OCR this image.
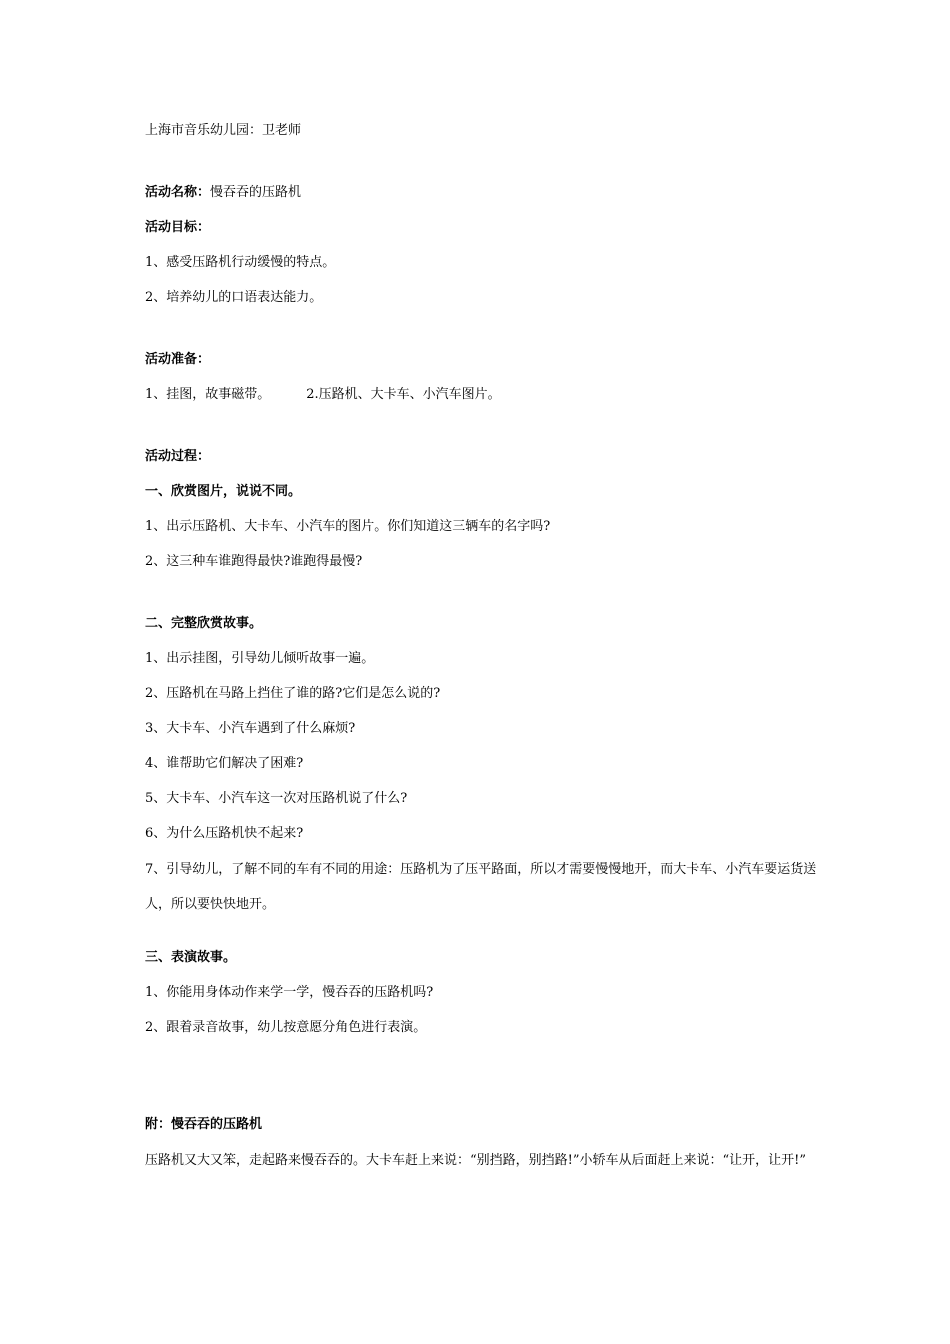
上海市音乐幼儿园：卫老师
活动名称：慢吞吞的压路机
活动目标：
1、感受压路机行动缓慢的特点。
2、培养幼儿的口语表达能力。
活动准备：
1、挂图，故事磁带。	2.压路机、大卡车、小汽车图片。
活动过程：
一、欣赏图片，说说不同。
1、出示压路机、大卡车、小汽车的图片。你们知道这三辆车的名字吗?
2、这三种车谁跑得最快?谁跑得最慢?
二、完整欣赏故事。
1、出示挂图，引导幼儿倾听故事一遍。
2、压路机在马路上挡住了谁的路?它们是怎么说的?
3、大卡车、小汽车遇到了什么麻烦?
4、谁帮助它们解决了困难?
5、大卡车、小汽车这一次对压路机说了什么?
6、为什么压路机快不起来?
7、引导幼儿，了解不同的车有不同的用途：压路机为了压平路面，所以才需要慢慢地开，而大卡车、小汽车要运货送人，所以要快快地开。
三、表演故事。
1、你能用身体动作来学一学，慢吞吞的压路机吗?
2、跟着录音故事，幼儿按意愿分角色进行表演。
附：慢吞吞的压路机
压路机又大又笨，走起路来慢吞吞的。大卡车赶上来说：“别挡路，别挡路!”小轿车从后面赶上来说：“让开，让开!”
